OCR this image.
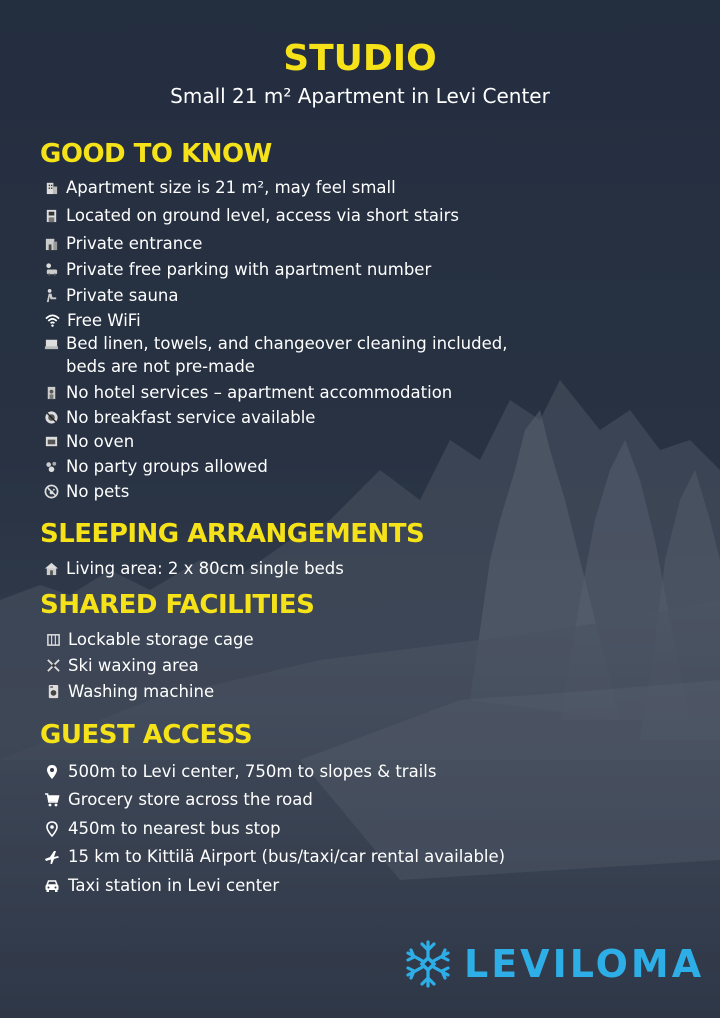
STUDIO
Small 21 m² Apartment in Levi Center
GOOD TO KNOW
Apartment size is 21 m², may feel small
Located on ground level, access via short stairs
Private entrance
Private free parking with apartment number
Private sauna
Free WiFi
Bed linen, towels, and changeover cleaning included,
beds are not pre-made
No hotel services – apartment accommodation
No breakfast service available
No oven
No party groups allowed
No pets
SLEEPING ARRANGEMENTS
Living area: 2 x 80cm single beds
SHARED FACILITIES
Lockable storage cage
Ski waxing area
Washing machine
GUEST ACCESS
500m to Levi center, 750m to slopes & trails
Grocery store across the road
450m to nearest bus stop
15 km to Kittilä Airport (bus/taxi/car rental available)
Taxi station in Levi center
LEVILOMA
